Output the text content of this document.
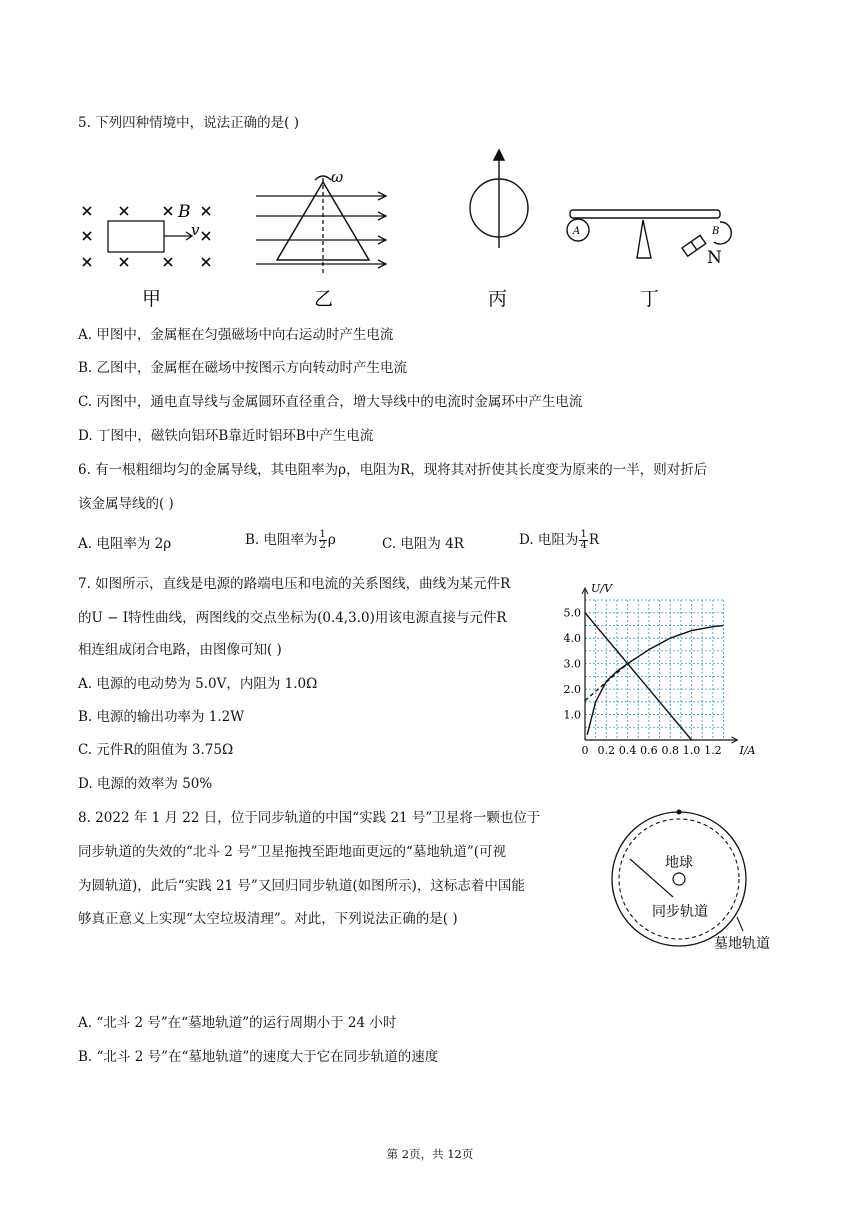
5. 下列四种情境中，说法正确的是( )
B
v
甲
ω
乙	丙
A	B
N
丁
A. 甲图中，金属框在匀强磁场中向右运动时产生电流
B. 乙图中，金属框在磁场中按图示方向转动时产生电流
C. 丙图中，通电直导线与金属圆环直径重合，增大导线中的电流时金属环中产生电流
D. 丁图中，磁铁向铝环B靠近时铝环B中产生电流
6. 有一根粗细均匀的金属导线，其电阻率为ρ，电阻为R，现将其对折使其长度变为原来的一半，则对折后
该金属导线的( )
A. 电阻率为 2ρ	B. 电阻率为 $\frac{1}{2}$ ρ	C. 电阻为 4R	D. 电阻为 $\frac{1}{4}$ R
7. 如图所示，直线是电源的路端电压和电流的关系图线，曲线为某元件R
的U − I特性曲线，两图线的交点坐标为(0.4,3.0)用该电源直接与元件R
相连组成闭合电路，由图像可知( )
A. 电源的电动势为 5.0V，内阻为 1.0Ω
B. 电源的输出功率为 1.2W
C. 元件R的阻值为 3.75Ω
D. 电源的效率为 50%
0 0.2 0.4 0.6 0.8 1.0 1.2
1.0
2.0
3.0
4.0
5.0
I/A
U/V
8. 2022 年 1 月 22 日，位于同步轨道的中国“实践 21 号”卫星将一颗也位于
同步轨道的失效的“北斗 2 号”卫星拖拽至距地面更远的“墓地轨道”(可视
为圆轨道)，此后“实践 21 号”又回归同步轨道(如图所示)，这标志着中国能
够真正意义上实现“太空垃圾清理”。对此，下列说法正确的是( )
地球
同步轨道
墓地轨道
A. “北斗 2 号”在“墓地轨道”的运行周期小于 24 小时
B. “北斗 2 号”在“墓地轨道”的速度大于它在同步轨道的速度
第 2页，共 12页
